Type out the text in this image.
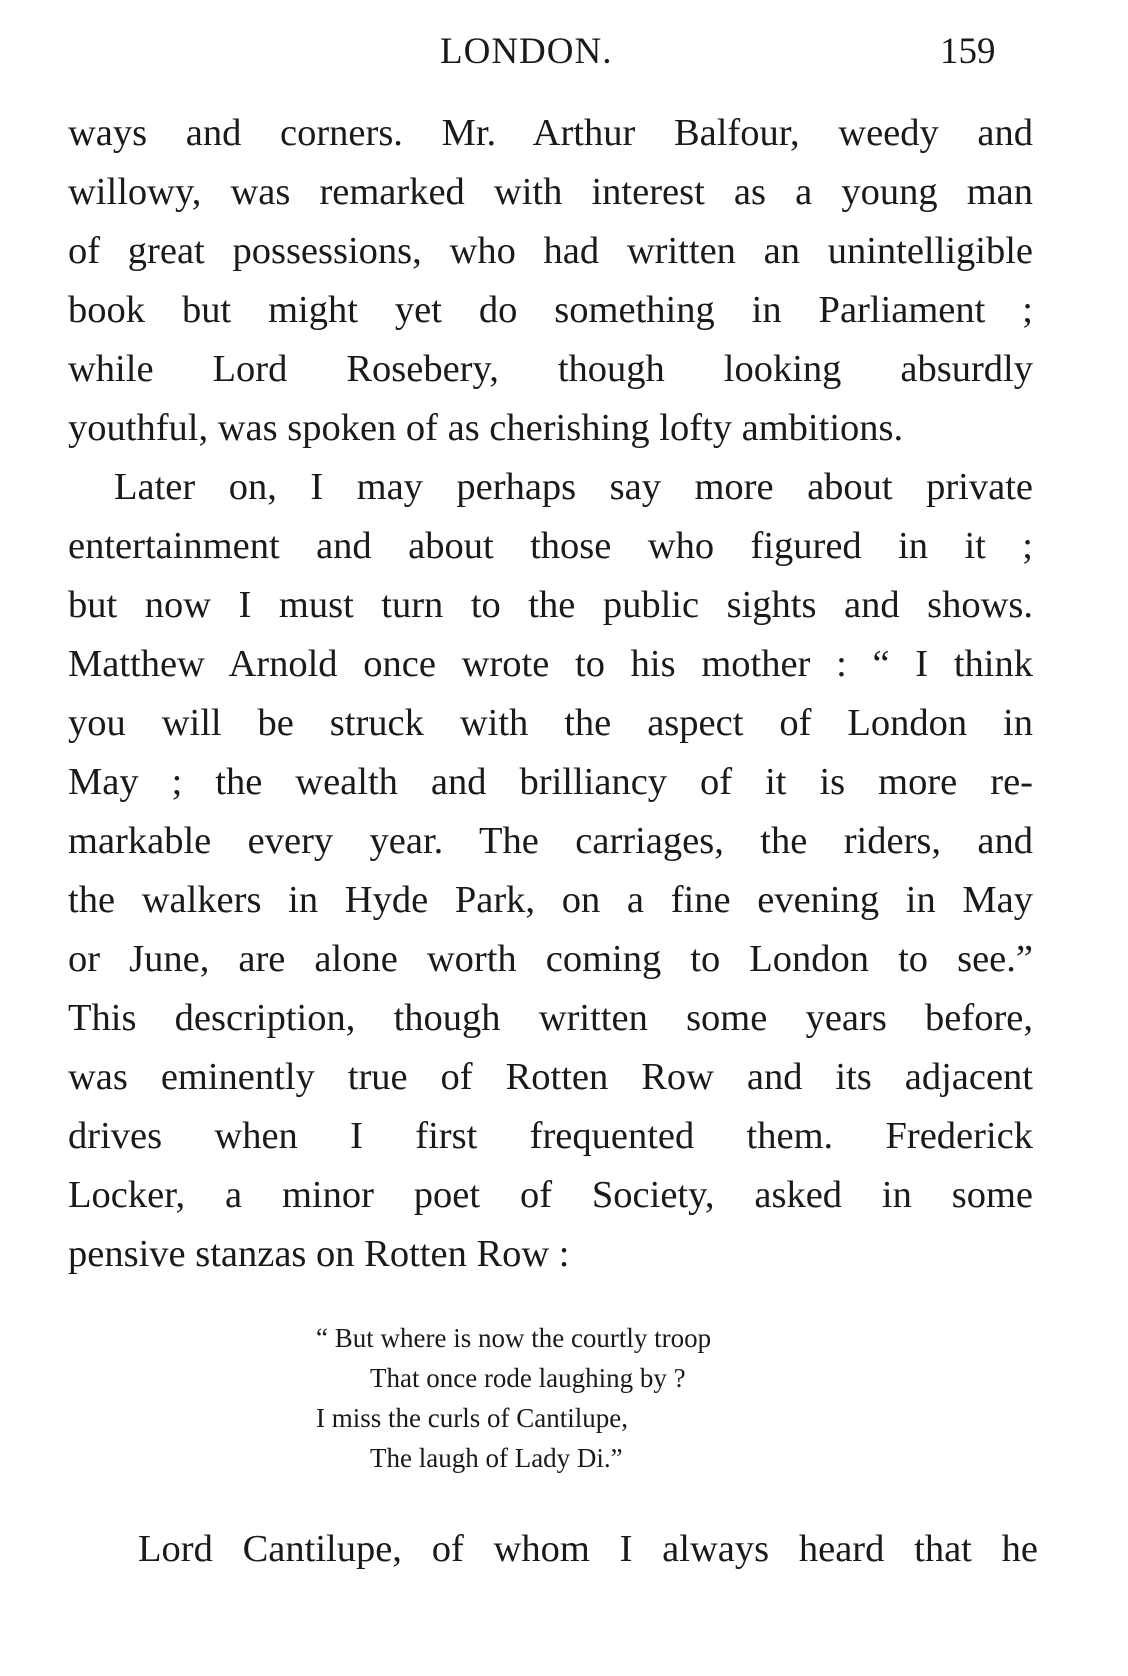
LONDON.	159
ways and corners. Mr. Arthur Balfour, weedy and
willowy, was remarked with interest as a young man
of great possessions, who had written an unintelligible
book but might yet do something in Parliament ;
while Lord Rosebery, though looking absurdly
youthful, was spoken of as cherishing lofty ambitions.
Later on, I may perhaps say more about private
entertainment and about those who figured in it ;
but now I must turn to the public sights and shows.
Matthew Arnold once wrote to his mother : “ I think
you will be struck with the aspect of London in
May ; the wealth and brilliancy of it is more re-
markable every year. The carriages, the riders, and
the walkers in Hyde Park, on a fine evening in May
or June, are alone worth coming to London to see.”
This description, though written some years before,
was eminently true of Rotten Row and its adjacent
drives when I first frequented them. Frederick
Locker, a minor poet of Society, asked in some
pensive stanzas on Rotten Row :
“ But where is now the courtly troop
That once rode laughing by ?
I miss the curls of Cantilupe,
The laugh of Lady Di.”
Lord Cantilupe, of whom I always heard that he
